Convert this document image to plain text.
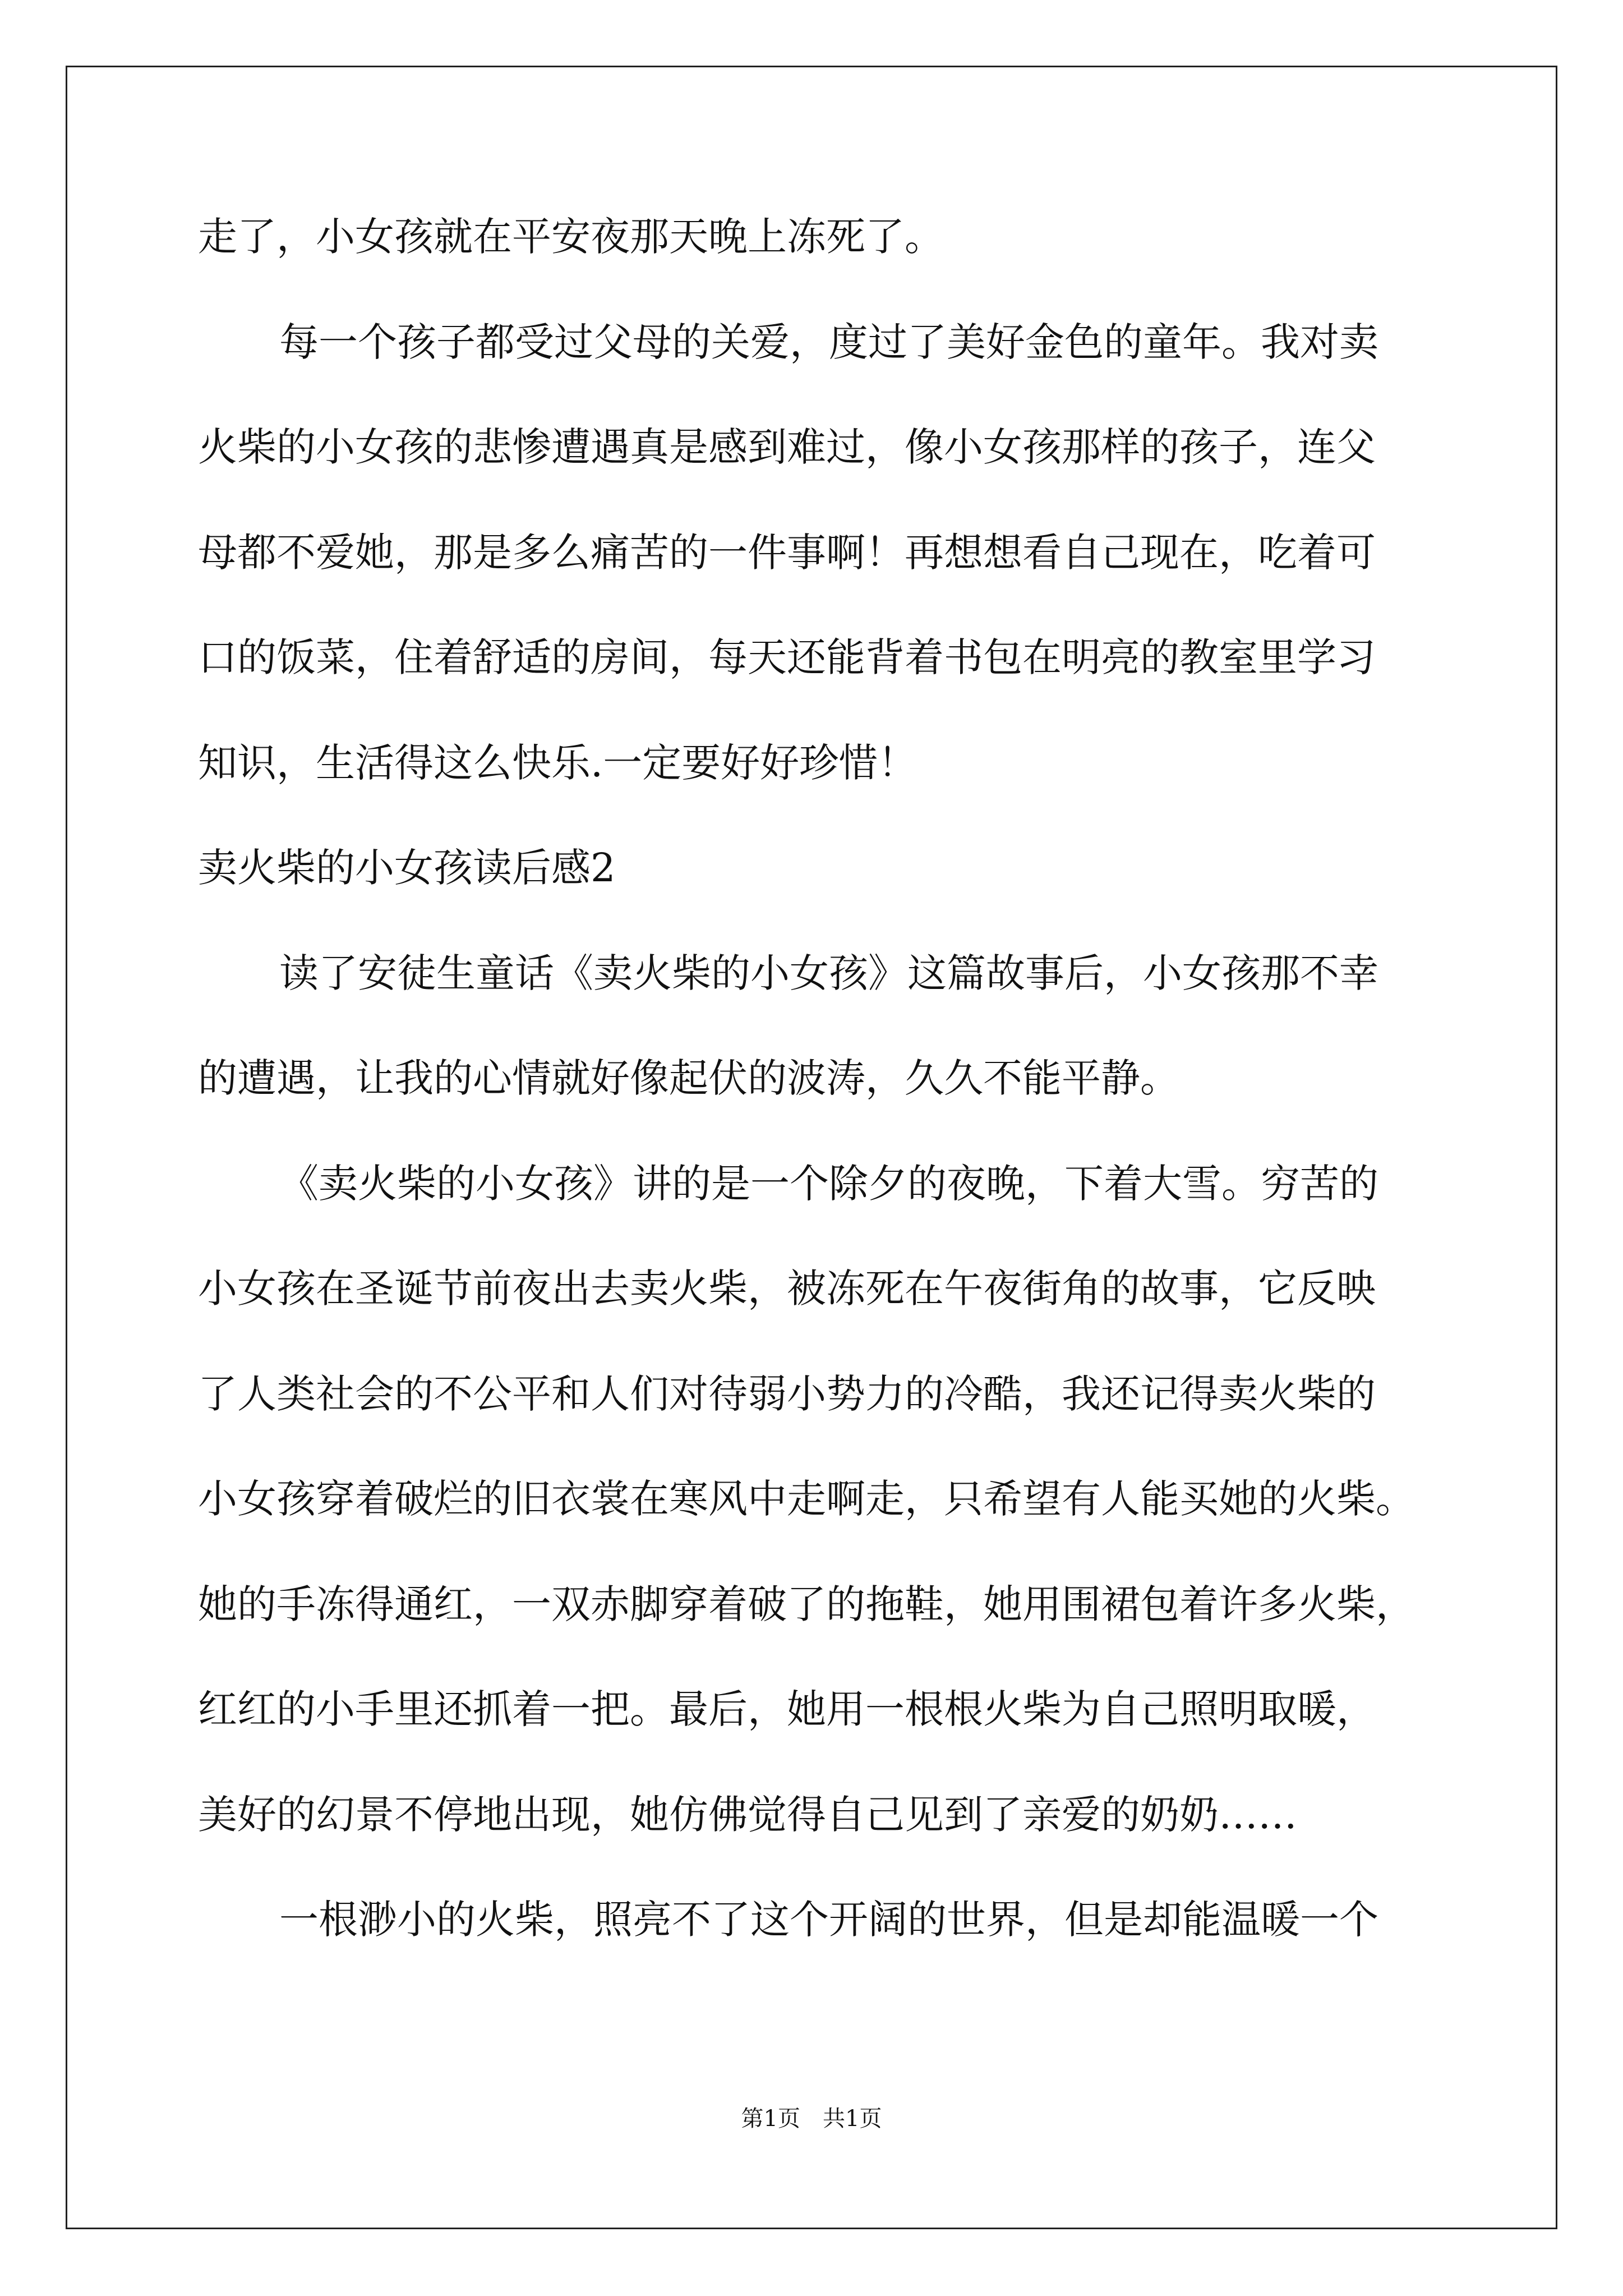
走了，小女孩就在平安夜那天晚上冻死了。
每一个孩子都受过父母的关爱，度过了美好金色的童年。我对卖
火柴的小女孩的悲惨遭遇真是感到难过，像小女孩那样的孩子，连父
母都不爱她，那是多么痛苦的一件事啊！再想想看自己现在，吃着可
口的饭菜，住着舒适的房间，每天还能背着书包在明亮的教室里学习
知识，生活得这么快乐.一定要好好珍惜！
卖火柴的小女孩读后感2
读了安徒生童话《卖火柴的小女孩》这篇故事后，小女孩那不幸
的遭遇，让我的心情就好像起伏的波涛，久久不能平静。
《卖火柴的小女孩》讲的是一个除夕的夜晚，下着大雪。穷苦的
小女孩在圣诞节前夜出去卖火柴，被冻死在午夜街角的故事，它反映
了人类社会的不公平和人们对待弱小势力的冷酷，我还记得卖火柴的
小女孩穿着破烂的旧衣裳在寒风中走啊走，只希望有人能买她的火柴。
她的手冻得通红，一双赤脚穿着破了的拖鞋，她用围裙包着许多火柴，
红红的小手里还抓着一把。最后，她用一根根火柴为自己照明取暖，
美好的幻景不停地出现，她仿佛觉得自己见到了亲爱的奶奶……
一根渺小的火柴，照亮不了这个开阔的世界，但是却能温暖一个
第1页 共1页
